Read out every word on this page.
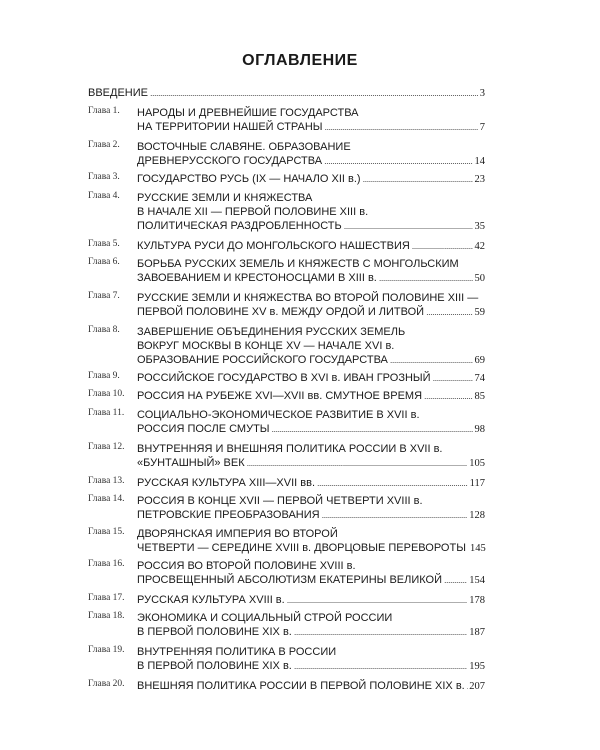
ОГЛАВЛЕНИЕ
ВВЕДЕНИЕ . . .	3
Глава 1. НАРОДЫ И ДРЕВНЕЙШИЕ ГОСУДАРСТВА
НА ТЕРРИТОРИИ НАШЕЙ СТРАНЫ . . .	7
Глава 2. ВОСТОЧНЫЕ СЛАВЯНЕ. ОБРАЗОВАНИЕ
ДРЕВНЕРУССКОГО ГОСУДАРСТВА . . .	14
Глава 3. ГОСУДАРСТВО РУСЬ (IX — НАЧАЛО XII в.) . . .	23
Глава 4. РУССКИЕ ЗЕМЛИ И КНЯЖЕСТВА
В НАЧАЛЕ XII — ПЕРВОЙ ПОЛОВИНЕ XIII в.
ПОЛИТИЧЕСКАЯ РАЗДРОБЛЕННОСТЬ . . .	35
Глава 5. КУЛЬТУРА РУСИ ДО МОНГОЛЬСКОГО НАШЕСТВИЯ . . .	42
Глава 6. БОРЬБА РУССКИХ ЗЕМЕЛЬ И КНЯЖЕСТВ С МОНГОЛЬСКИМ
ЗАВОЕВАНИЕМ И КРЕСТОНОСЦАМИ В XIII в. . . .	50
Глава 7. РУССКИЕ ЗЕМЛИ И КНЯЖЕСТВА ВО ВТОРОЙ ПОЛОВИНЕ XIII —
ПЕРВОЙ ПОЛОВИНЕ XV в. МЕЖДУ ОРДОЙ И ЛИТВОЙ . . .	59
Глава 8. ЗАВЕРШЕНИЕ ОБЪЕДИНЕНИЯ РУССКИХ ЗЕМЕЛЬ
ВОКРУГ МОСКВЫ В КОНЦЕ XV — НАЧАЛЕ XVI в.
ОБРАЗОВАНИЕ РОССИЙСКОГО ГОСУДАРСТВА . . .	69
Глава 9. РОССИЙСКОЕ ГОСУДАРСТВО В XVI в. ИВАН ГРОЗНЫЙ . . .	74
Глава 10. РОССИЯ НА РУБЕЖЕ XVI—XVII вв. СМУТНОЕ ВРЕМЯ . . .	85
Глава 11. СОЦИАЛЬНО-ЭКОНОМИЧЕСКОЕ РАЗВИТИЕ В XVII в.
РОССИЯ ПОСЛЕ СМУТЫ . . .	98
Глава 12. ВНУТРЕННЯЯ И ВНЕШНЯЯ ПОЛИТИКА РОССИИ В XVII в.
«БУНТАШНЫЙ» ВЕК . . .	105
Глава 13. РУССКАЯ КУЛЬТУРА XIII—XVII вв. . . .	117
Глава 14. РОССИЯ В КОНЦЕ XVII — ПЕРВОЙ ЧЕТВЕРТИ XVIII в.
ПЕТРОВСКИЕ ПРЕОБРАЗОВАНИЯ . . .	128
Глава 15. ДВОРЯНСКАЯ ИМПЕРИЯ ВО ВТОРОЙ
ЧЕТВЕРТИ — СЕРЕДИНЕ XVIII в. ДВОРЦОВЫЕ ПЕРЕВОРОТЫ 145
Глава 16. РОССИЯ ВО ВТОРОЙ ПОЛОВИНЕ XVIII в.
ПРОСВЕЩЕННЫЙ АБСОЛЮТИЗМ ЕКАТЕРИНЫ ВЕЛИКОЙ . . .	154
Глава 17. РУССКАЯ КУЛЬТУРА XVIII в. . . .	178
Глава 18. ЭКОНОМИКА И СОЦИАЛЬНЫЙ СТРОЙ РОССИИ
В ПЕРВОЙ ПОЛОВИНЕ XIX в. . . .	187
Глава 19. ВНУТРЕННЯЯ ПОЛИТИКА В РОССИИ
В ПЕРВОЙ ПОЛОВИНЕ XIX в. . . .	195
Глава 20. ВНЕШНЯЯ ПОЛИТИКА РОССИИ В ПЕРВОЙ ПОЛОВИНЕ XIX в. . . . 207
